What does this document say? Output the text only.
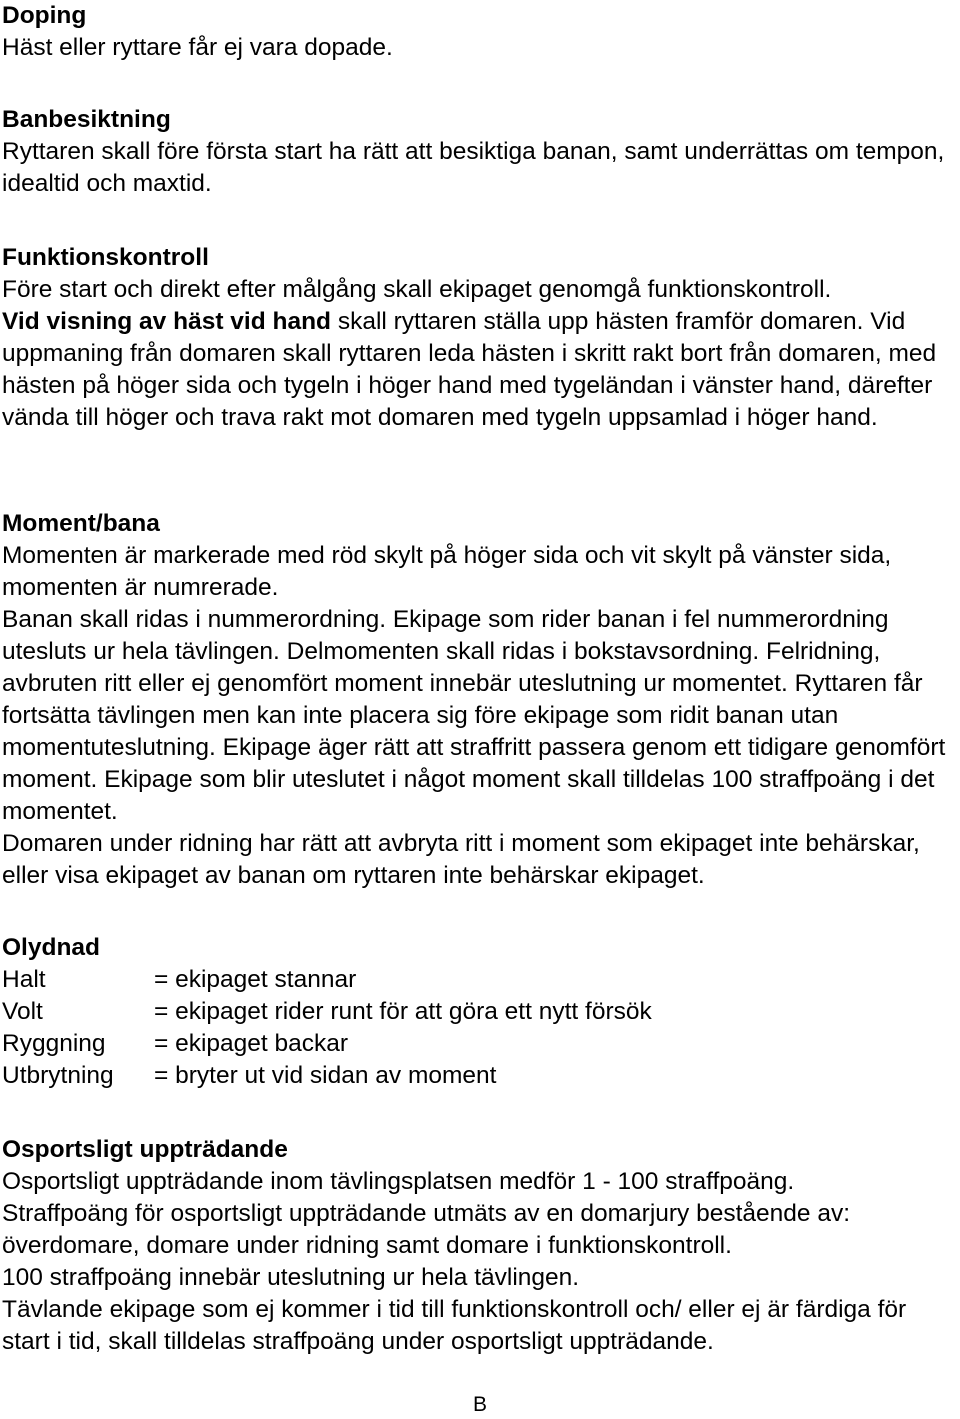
Doping

Häst eller ryttare får ej vara dopade.

Banbesiktning

Ryttaren skall före första start ha rätt att besiktiga banan, samt underrättas om tempon, idealtid och maxtid.

Funktionskontroll

Före start och direkt efter målgång skall ekipaget genomgå funktionskontroll.

Vid visning av häst vid hand skall ryttaren ställa upp hästen framför domaren. Vid uppmaning från domaren skall ryttaren leda hästen i skritt rakt bort från domaren, med hästen på höger sida och tygeln i höger hand med tygeländan i vänster hand, därefter vända till höger och trava rakt mot domaren med tygeln uppsamlad i höger hand.

Moment/bana

Momenten är markerade med röd skylt på höger sida och vit skylt på vänster sida, momenten är numrerade.

Banan skall ridas i nummerordning. Ekipage som rider banan i fel nummerordning utesluts ur hela tävlingen. Delmomenten skall ridas i bokstavsordning. Felridning, avbruten ritt eller ej genomfört moment innebär uteslutning ur momentet. Ryttaren får fortsätta tävlingen men kan inte placera sig före ekipage som ridit banan utan momentuteslutning. Ekipage äger rätt att straffritt passera genom ett tidigare genomfört moment. Ekipage som blir uteslutet i något moment skall tilldelas 100 straffpoäng i det momentet.

Domaren under ridning har rätt att avbryta ritt i moment som ekipaget inte behärskar, eller visa ekipaget av banan om ryttaren inte behärskar ekipaget.

Olydnad

Halt	= ekipaget stannar
Volt	= ekipaget rider runt för att göra ett nytt försök
Ryggning	= ekipaget backar
Utbrytning	= bryter ut vid sidan av moment

Osportsligt uppträdande

Osportsligt uppträdande inom tävlingsplatsen medför 1 - 100 straffpoäng.

Straffpoäng för osportsligt uppträdande utmäts av en domarjury bestående av: överdomare, domare under ridning samt domare i funktionskontroll.

100 straffpoäng innebär uteslutning ur hela tävlingen.

Tävlande ekipage som ej kommer i tid till funktionskontroll och/ eller ej är färdiga för start i tid, skall tilldelas straffpoäng under osportsligt uppträdande.

B
